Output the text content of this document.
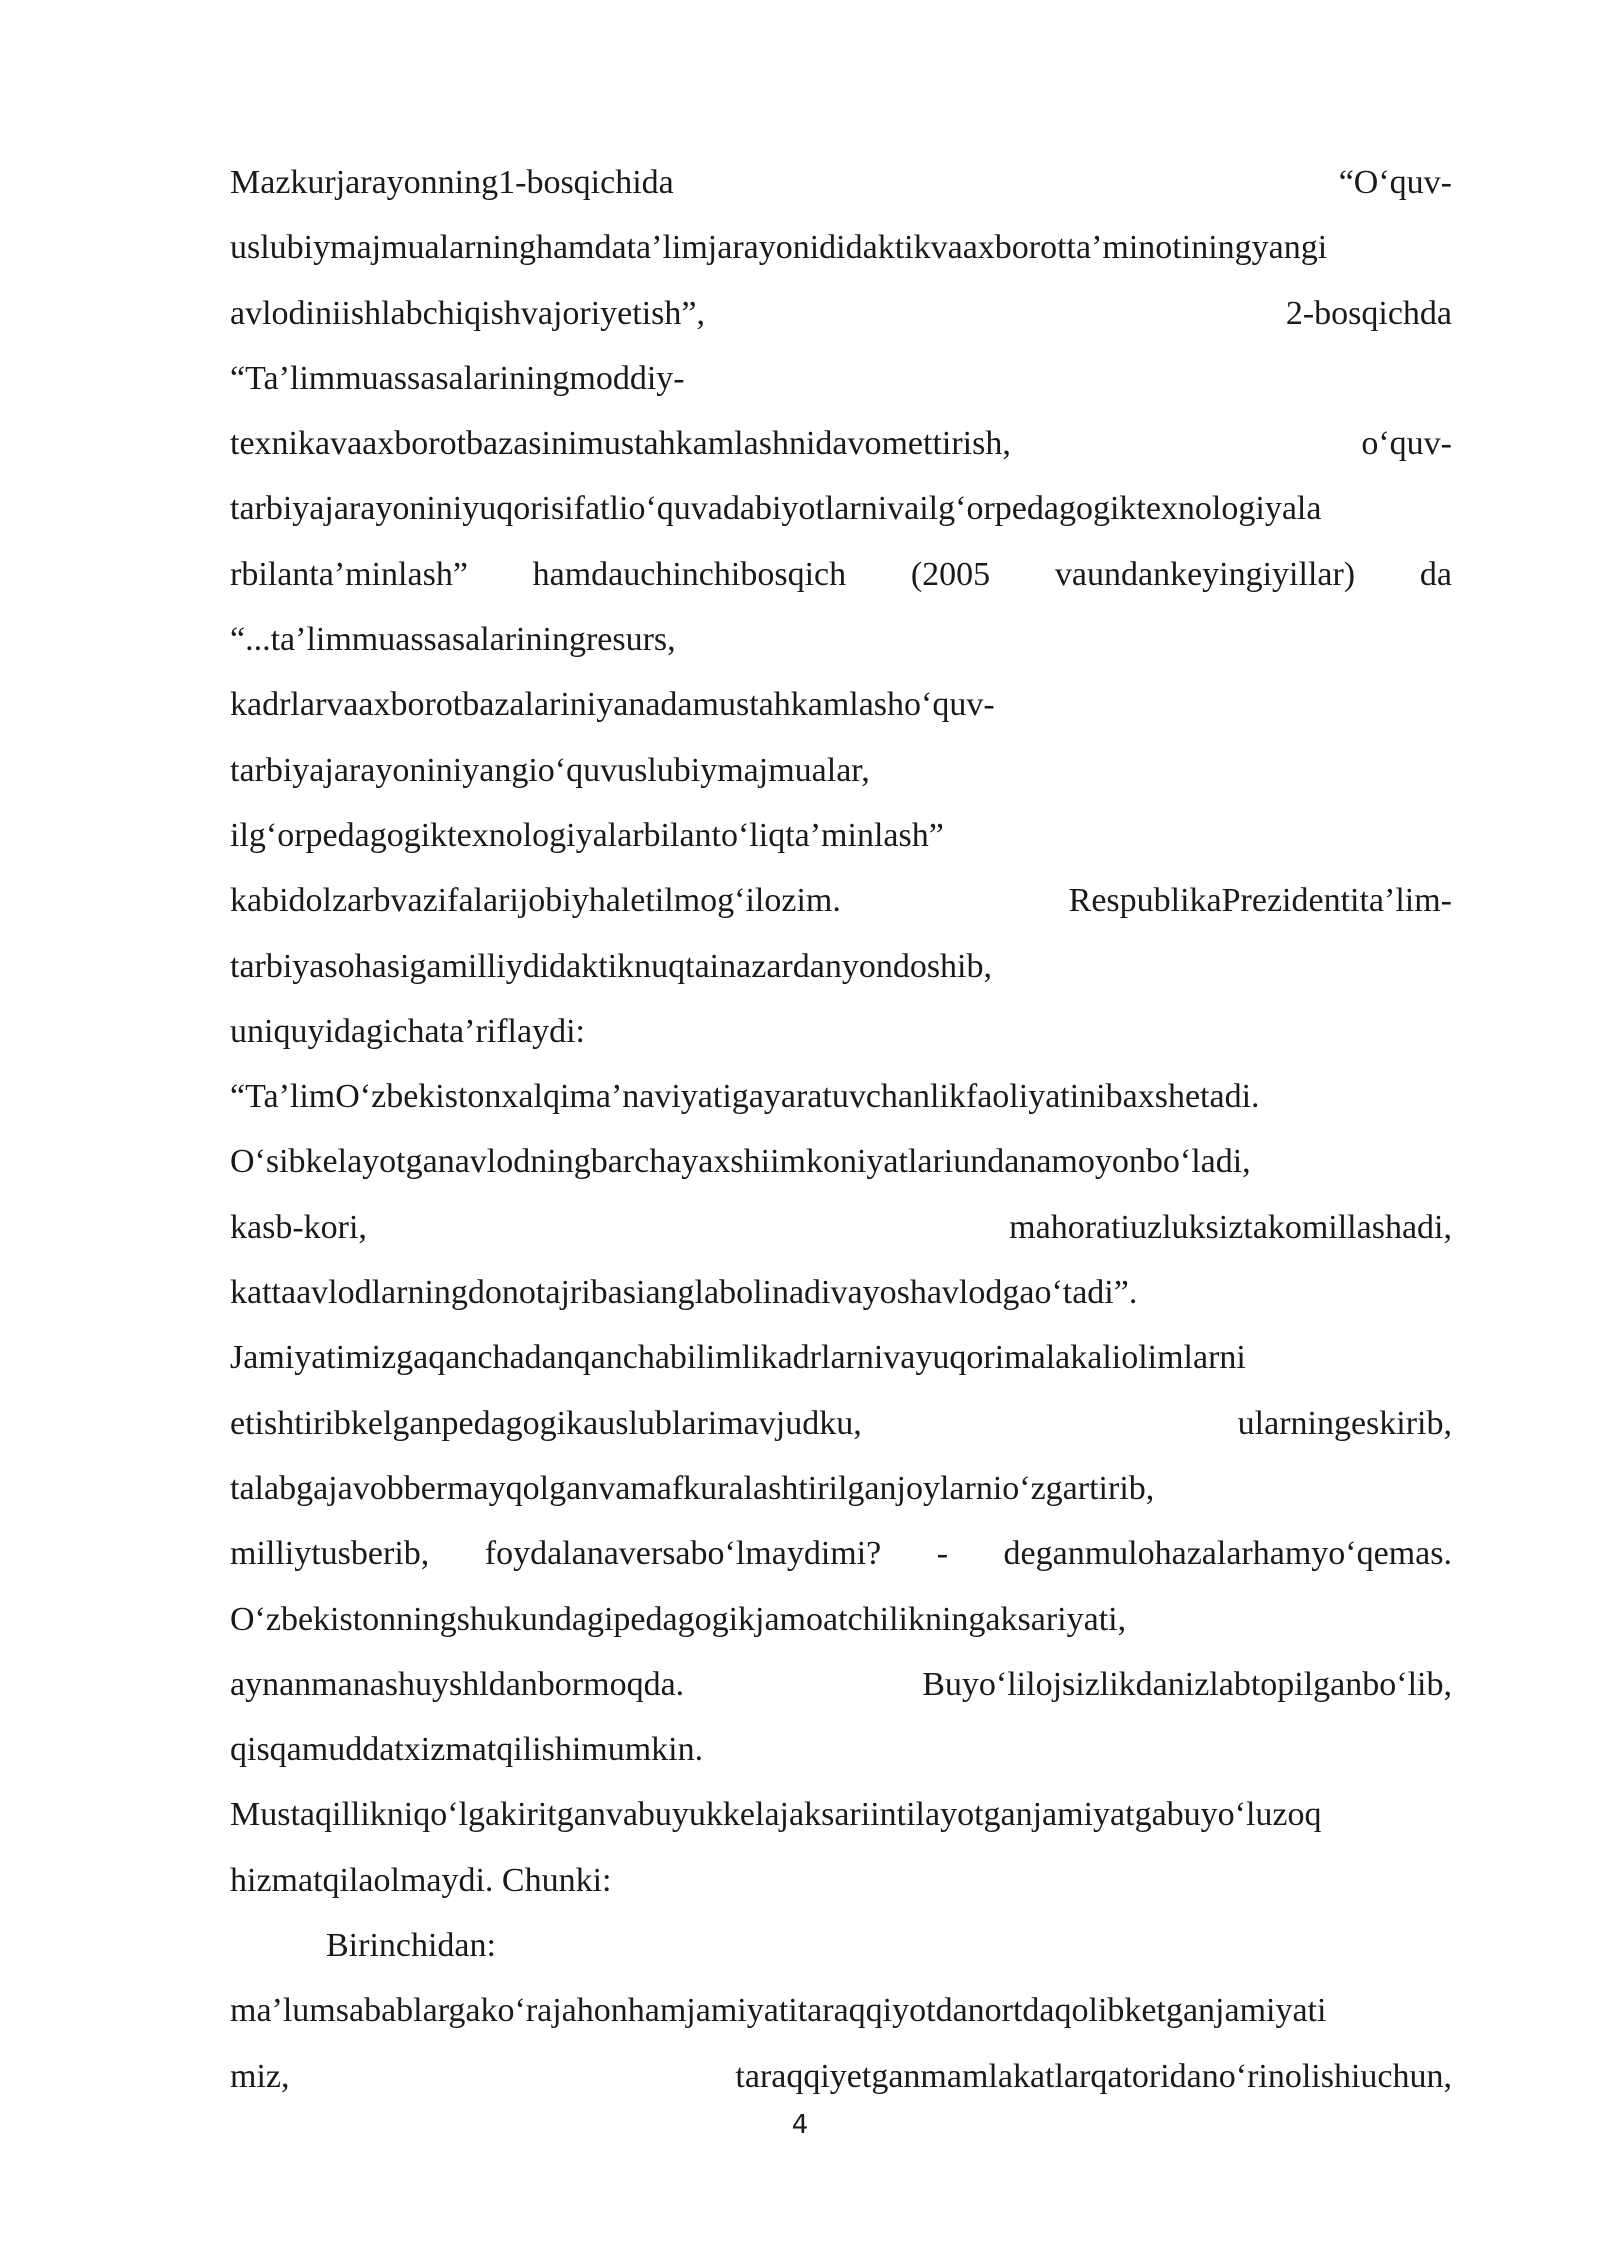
Mazkurjarayonning1-bosqichida	“O‘quv-
uslubiymajmualarninghamdata’limjarayonididaktikvaaxborotta’minotiningyangi
avlodiniishlabchiqishvajoriyetish”,	2-bosqichda
“Ta’limmuassasalariningmoddiy-
texnikavaaxborotbazasinimustahkamlashnidavomettirish,	o‘quv-
tarbiyajarayoniniyuqorisifatlio‘quvadabiyotlarnivailg‘orpedagogiktexnologiyala
rbilanta’minlash” hamdauchinchibosqich (2005 vaundankeyingiyillar) da
“...ta’limmuassasalariningresurs,
kadrlarvaaxborotbazalariniyanadamustahkamlasho‘quv-
tarbiyajarayoniniyangio‘quvuslubiymajmualar,
ilg‘orpedagogiktexnologiyalarbilanto‘liqta’minlash”
kabidolzarbvazifalarijobiyhaletilmog‘ilozim.	RespublikaPrezidentita’lim-
tarbiyasohasigamilliydidaktiknuqtainazardanyondoshib,
uniquyidagichata’riflaydi:
“Ta’limO‘zbekistonxalqima’naviyatigayaratuvchanlikfaoliyatinibaxshetadi.
O‘sibkelayotganavlodningbarchayaxshiimkoniyatlariundanamoyonbo‘ladi,
kasb-kori,	mahoratiuzluksiztakomillashadi,
kattaavlodlarningdonotajribasianglabolinadivayoshavlodgao‘tadi”.
Jamiyatimizgaqanchadanqanchabilimlikadrlarnivayuqorimalakaliolimlarni
etishtiribkelganpedagogikauslublarimavjudku,	ularningeskirib,
talabgajavobbermayqolganvamafkuralashtirilganjoylarnio‘zgartirib,
milliytusberib, foydalanaversabo‘lmaydimi? - deganmulohazalarhamyo‘qemas.
O‘zbekistonningshukundagipedagogikjamoatchilikningaksariyati,
aynanmanashuyshldanbormoqda.	Buyo‘lilojsizlikdanizlabtopilganbo‘lib,
qisqamuddatxizmatqilishimumkin.
Mustaqillikniqo‘lgakiritganvabuyukkelajaksariintilayotganjamiyatgabuyo‘luzoq
hizmatqilaolmaydi. Chunki:
Birinchidan:
ma’lumsabablargako‘rajahonhamjamiyatitaraqqiyotdanortdaqolibketganjamiyati
miz,	taraqqiyetganmamlakatlarqatoridano‘rinolishiuchun,
4
